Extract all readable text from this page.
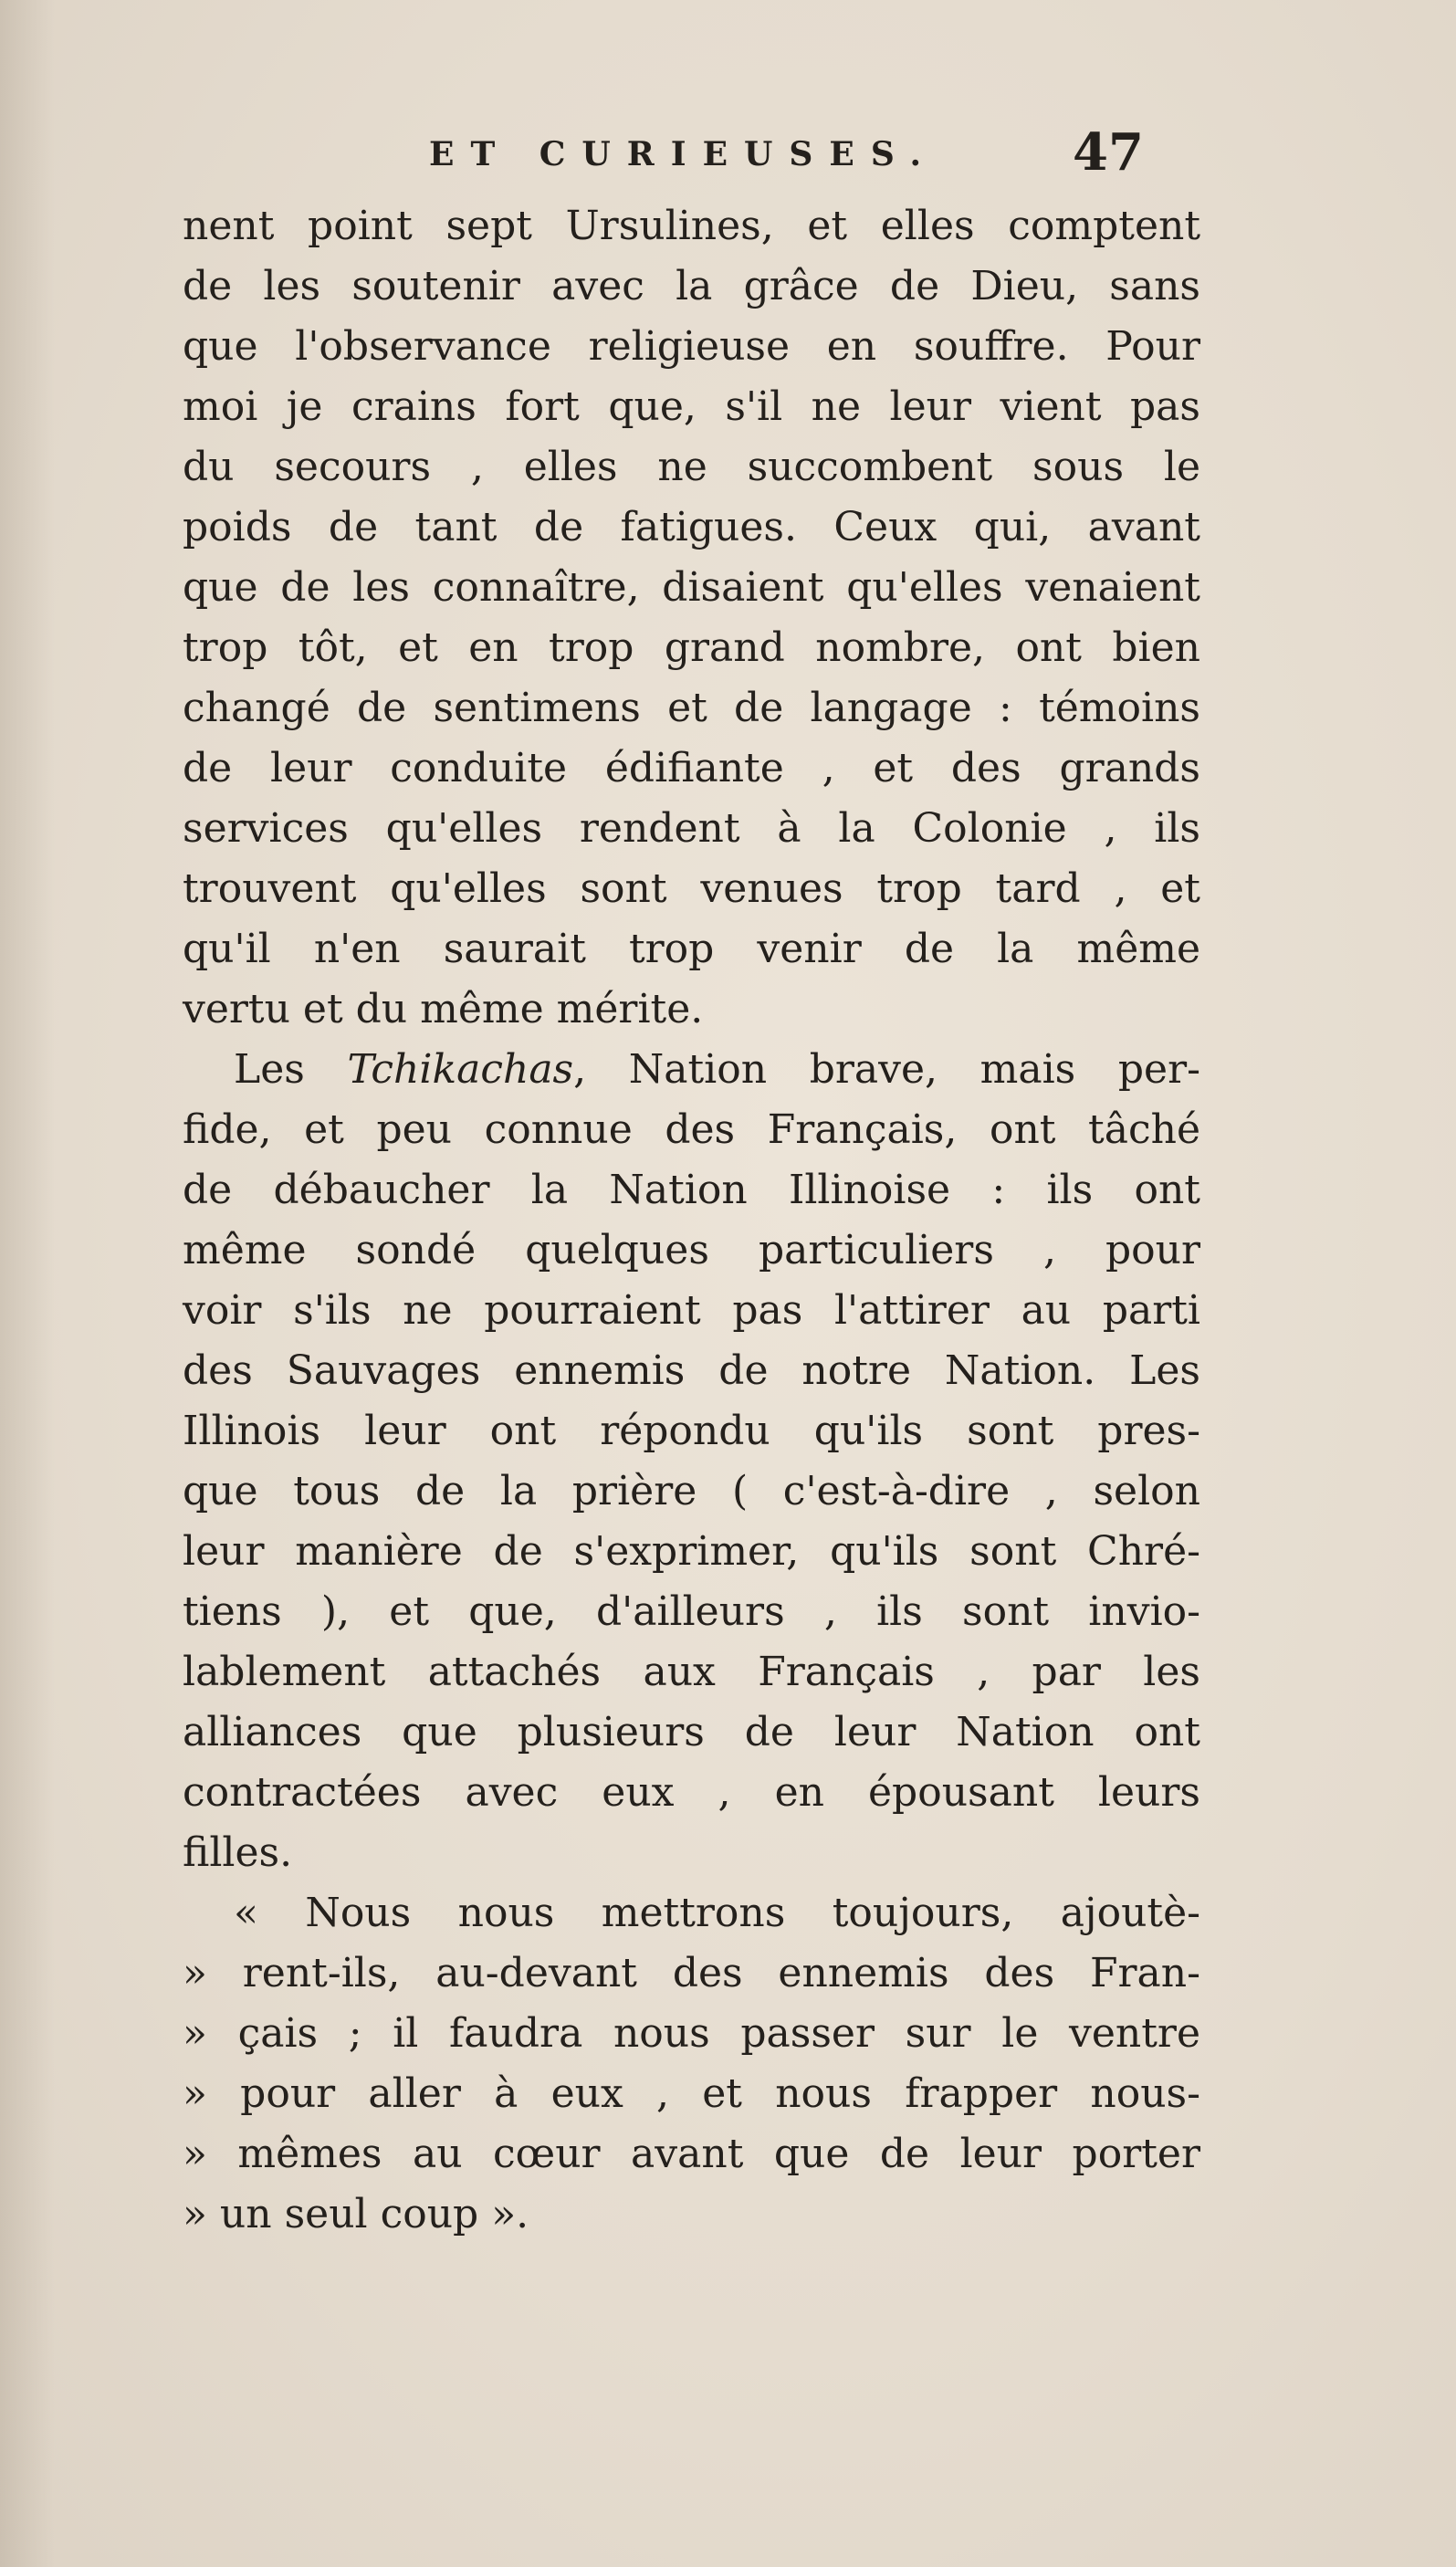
ET CURIEUSES.	47
nent point sept Ursulines, et elles comptent
de les soutenir avec la grâce de Dieu, sans
que l'observance religieuse en souffre. Pour
moi je crains fort que, s'il ne leur vient pas
du secours , elles ne succombent sous le
poids de tant de fatigues. Ceux qui, avant
que de les connaître, disaient qu'elles venaient
trop tôt, et en trop grand nombre, ont bien
changé de sentimens et de langage : témoins
de leur conduite édifiante , et des grands
services qu'elles rendent à la Colonie , ils
trouvent qu'elles sont venues trop tard , et
qu'il n'en saurait trop venir de la même
vertu et du même mérite.
Les Tchikachas, Nation brave, mais per-
fide, et peu connue des Français, ont tâché
de débaucher la Nation Illinoise : ils ont
même sondé quelques particuliers , pour
voir s'ils ne pourraient pas l'attirer au parti
des Sauvages ennemis de notre Nation. Les
Illinois leur ont répondu qu'ils sont pres-
que tous de la prière ( c'est-à-dire , selon
leur manière de s'exprimer, qu'ils sont Chré-
tiens ), et que, d'ailleurs , ils sont invio-
lablement attachés aux Français , par les
alliances que plusieurs de leur Nation ont
contractées avec eux , en épousant leurs
filles.
« Nous nous mettrons toujours, ajoutè-
» rent-ils, au-devant des ennemis des Fran-
» çais ; il faudra nous passer sur le ventre
» pour aller à eux , et nous frapper nous-
» mêmes au cœur avant que de leur porter
» un seul coup ».
